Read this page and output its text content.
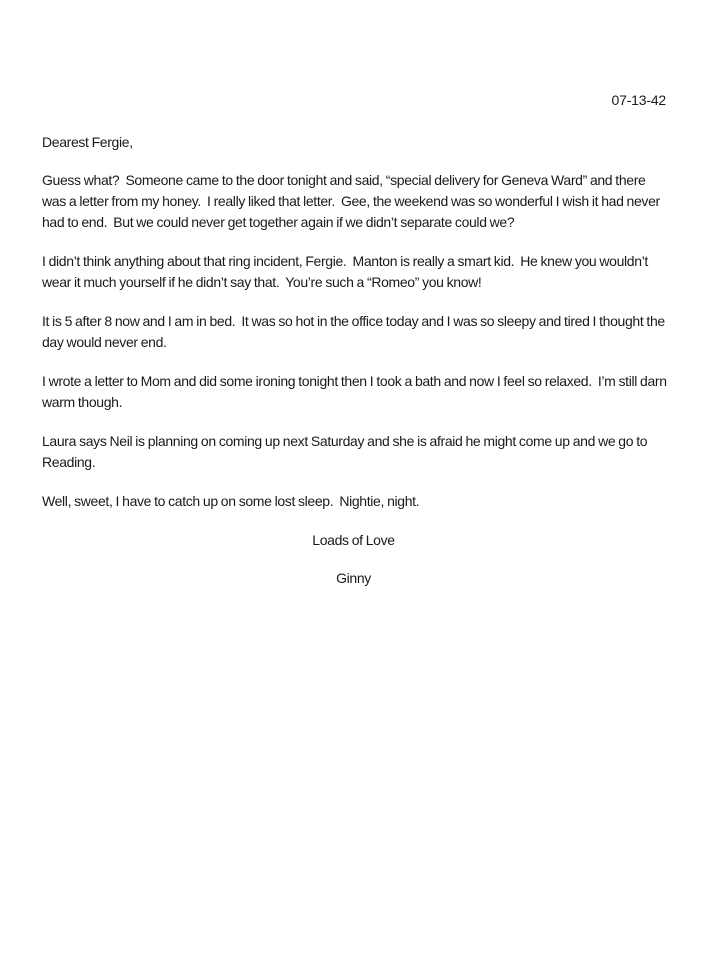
07-13-42

Dearest Fergie,

Guess what?  Someone came to the door tonight and said, “special delivery for Geneva Ward” and there was a letter from my honey.  I really liked that letter.  Gee, the weekend was so wonderful I wish it had never had to end.  But we could never get together again if we didn’t separate could we?

I didn’t think anything about that ring incident, Fergie.  Manton is really a smart kid.  He knew you wouldn’t wear it much yourself if he didn’t say that.  You’re such a “Romeo” you know!

It is 5 after 8 now and I am in bed.  It was so hot in the office today and I was so sleepy and tired I thought the day would never end.

I wrote a letter to Mom and did some ironing tonight then I took a bath and now I feel so relaxed.  I’m still darn warm though.

Laura says Neil is planning on coming up next Saturday and she is afraid he might come up and we go to Reading.

Well, sweet, I have to catch up on some lost sleep.  Nightie, night.

Loads of Love

Ginny
